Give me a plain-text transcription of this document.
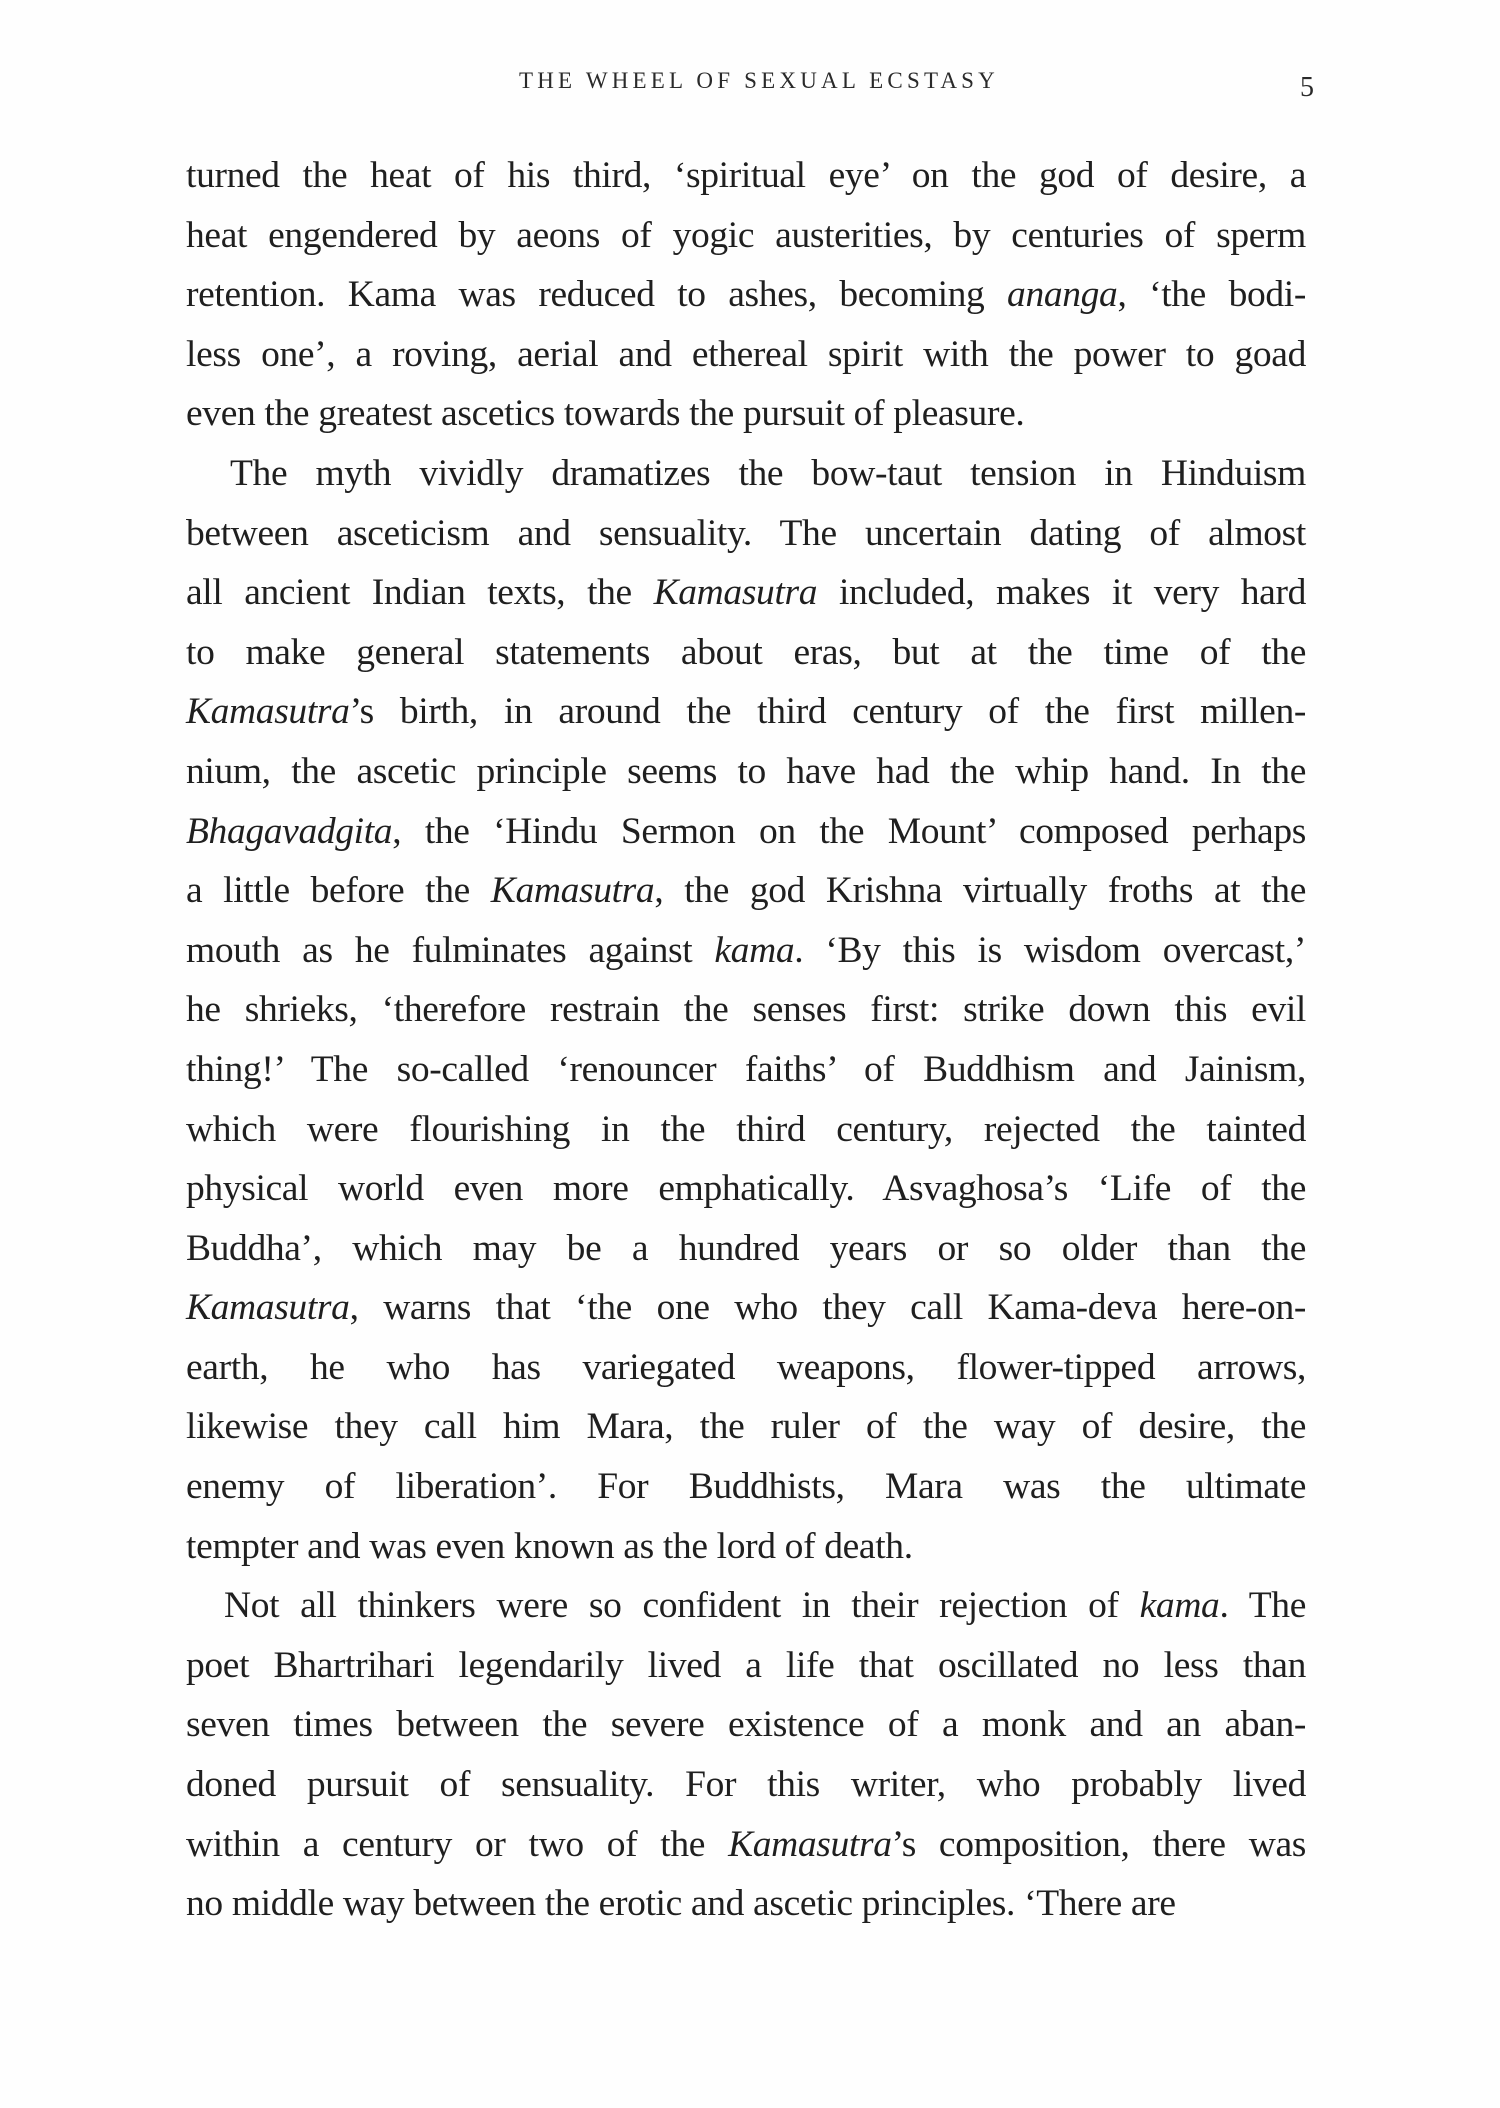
THE WHEEL OF SEXUAL ECSTASY	5
turned the heat of his third, ‘spiritual eye’ on the god of desire, a
heat engendered by aeons of yogic austerities, by centuries of sperm
retention. Kama was reduced to ashes, becoming ananga, ‘the bodi-
less one’, a roving, aerial and ethereal spirit with the power to goad
even the greatest ascetics towards the pursuit of pleasure.
The myth vividly dramatizes the bow-taut tension in Hinduism
between asceticism and sensuality. The uncertain dating of almost
all ancient Indian texts, the Kamasutra included, makes it very hard
to make general statements about eras, but at the time of the
Kamasutra’s birth, in around the third century of the first millen-
nium, the ascetic principle seems to have had the whip hand. In the
Bhagavadgita, the ‘Hindu Sermon on the Mount’ composed perhaps
a little before the Kamasutra, the god Krishna virtually froths at the
mouth as he fulminates against kama. ‘By this is wisdom overcast,’
he shrieks, ‘therefore restrain the senses first: strike down this evil
thing!’ The so-called ‘renouncer faiths’ of Buddhism and Jainism,
which were flourishing in the third century, rejected the tainted
physical world even more emphatically. Asvaghosa’s ‘Life of the
Buddha’, which may be a hundred years or so older than the
Kamasutra, warns that ‘the one who they call Kama-deva here-on-
earth, he who has variegated weapons, flower-tipped arrows,
likewise they call him Mara, the ruler of the way of desire, the
enemy of liberation’. For Buddhists, Mara was the ultimate
tempter and was even known as the lord of death.
Not all thinkers were so confident in their rejection of kama. The
poet Bhartrihari legendarily lived a life that oscillated no less than
seven times between the severe existence of a monk and an aban-
doned pursuit of sensuality. For this writer, who probably lived
within a century or two of the Kamasutra’s composition, there was
no middle way between the erotic and ascetic principles. ‘There are
